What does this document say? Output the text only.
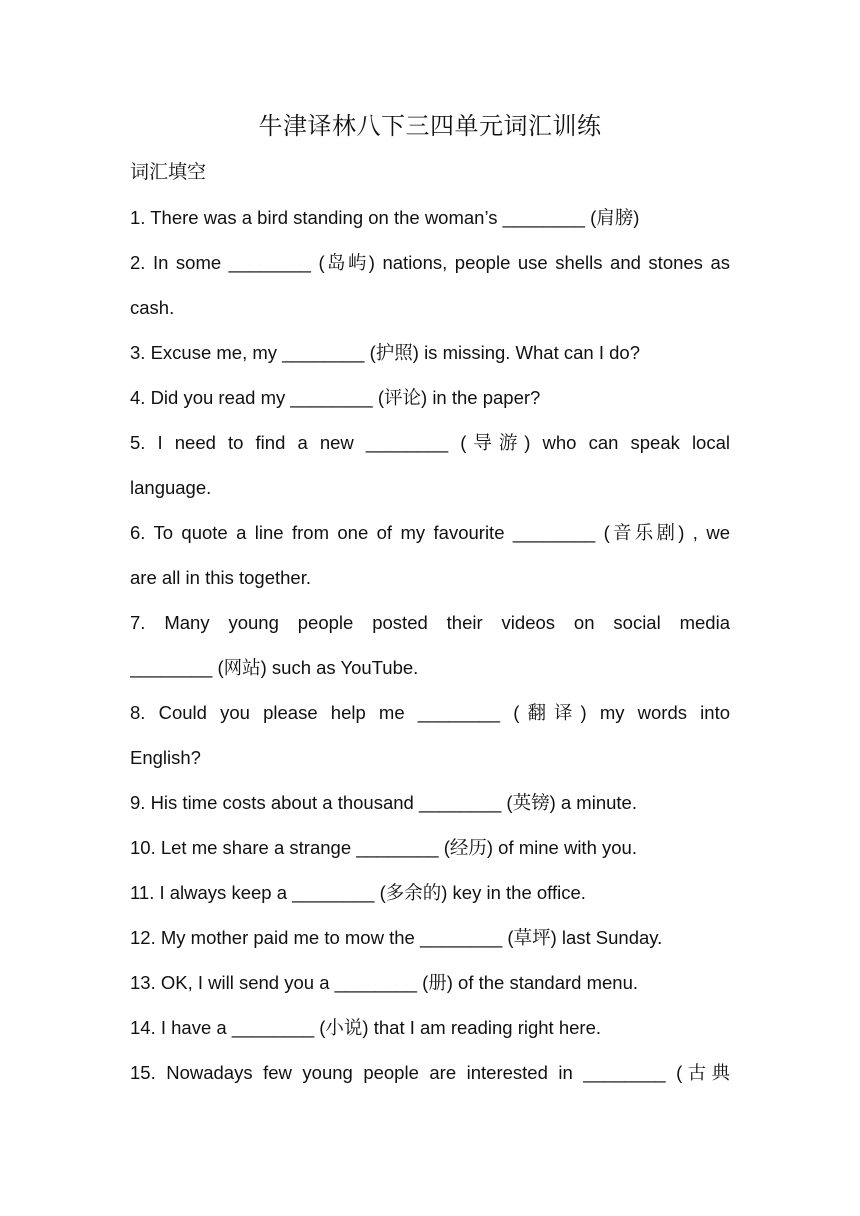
牛津译林八下三四单元词汇训练
词汇填空
1. There was a bird standing on the woman’s ________ (肩膀)
2. In some ________ (岛屿) nations, people use shells and stones as
cash.
3. Excuse me, my ________ (护照) is missing. What can I do?
4. Did you read my ________ (评论) in the paper?
5. I need to find a new ________ (导游) who can speak local
language.
6. To quote a line from one of my favourite ________ (音乐剧) , we
are all in this together.
7. Many young people posted their videos on social media
________ (网站) such as YouTube.
8. Could you please help me ________ (翻译) my words into
English?
9. His time costs about a thousand ________ (英镑) a minute.
10. Let me share a strange ________ (经历) of mine with you.
11. I always keep a ________ (多余的) key in the office.
12. My mother paid me to mow the ________ (草坪) last Sunday.
13. OK, I will send you a ________ (册) of the standard menu.
14. I have a ________ (小说) that I am reading right here.
15. Nowadays few young people are interested in ________ (古典
